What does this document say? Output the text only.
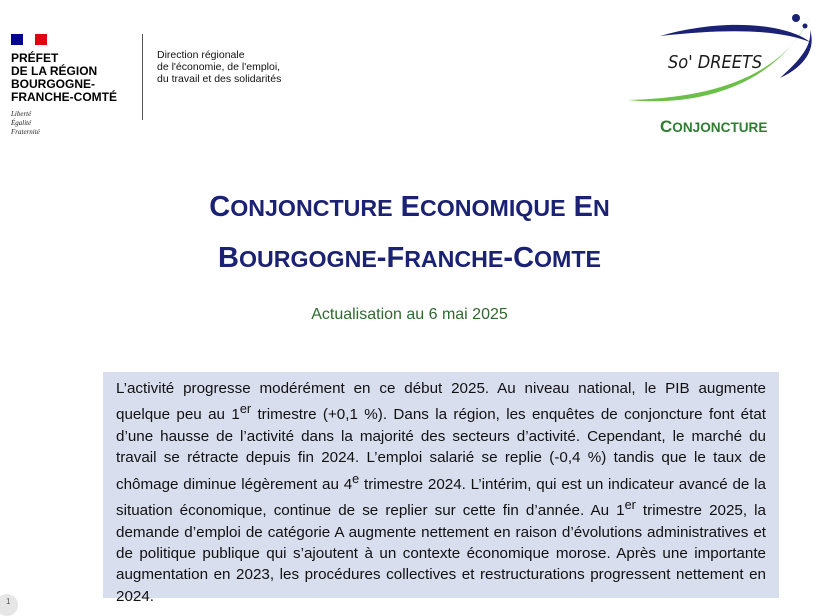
PRÉFET
DE LA RÉGION
BOURGOGNE-
FRANCHE-COMTÉ
Liberté
Égalité
Fraternité
Direction régionale
de l'économie, de l'emploi,
du travail et des solidarités
So' DREETS
CONJONCTURE
CONJONCTURE ECONOMIQUE EN
BOURGOGNE-FRANCHE-COMTE
Actualisation au 6 mai 2025

L’activité progresse modérément en ce début 2025. Au niveau national, le PIB augmente quelque peu au 1er trimestre (+0,1 %). Dans la région, les enquêtes de conjoncture font état d’une hausse de l’activité dans la majorité des secteurs d’activité. Cependant, le marché du travail se rétracte depuis fin 2024. L’emploi salarié se replie (-0,4 %) tandis que le taux de chômage diminue légèrement au 4e trimestre 2024. L’intérim, qui est un indicateur avancé de la situation économique, continue de se replier sur cette fin d’année. Au 1er trimestre 2025, la demande d’emploi de catégorie A augmente nettement en raison d’évolutions administratives et de politique publique qui s’ajoutent à un contexte économique morose. Après une importante augmentation en 2023, les procédures collectives et restructurations progressent nettement en 2024.

1
